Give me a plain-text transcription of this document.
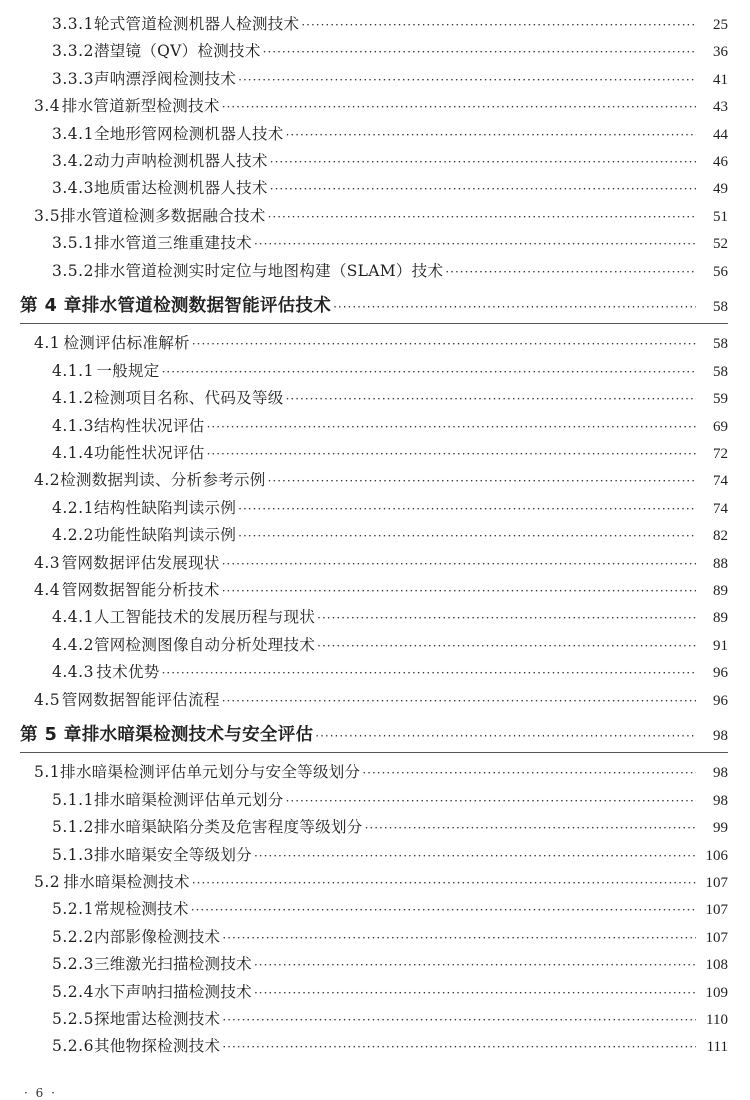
3.3.1 轮式管道检测机器人检测技术 ·····	25
3.3.2 潜望镜（QV）检测技术 ·····	36
3.3.3 声呐漂浮阀检测技术 ·····	41
3.4 排水管道新型检测技术 ·····	43
3.4.1 全地形管网检测机器人技术 ·····	44
3.4.2 动力声呐检测机器人技术 ·····	46
3.4.3 地质雷达检测机器人技术 ·····	49
3.5 排水管道检测多数据融合技术 ·····	51
3.5.1 排水管道三维重建技术 ·····	52
3.5.2 排水管道检测实时定位与地图构建（SLAM）技术 ·····	56
第 4 章 排水管道检测数据智能评估技术 ·····	58
4.1 检测评估标准解析 ·····	58
4.1.1 一般规定 ·····	58
4.1.2 检测项目名称、代码及等级 ·····	59
4.1.3 结构性状况评估 ·····	69
4.1.4 功能性状况评估 ·····	72
4.2 检测数据判读、分析参考示例 ·····	74
4.2.1 结构性缺陷判读示例 ·····	74
4.2.2 功能性缺陷判读示例 ·····	82
4.3 管网数据评估发展现状 ·····	88
4.4 管网数据智能分析技术 ·····	89
4.4.1 人工智能技术的发展历程与现状 ·····	89
4.4.2 管网检测图像自动分析处理技术 ·····	91
4.4.3 技术优势 ·····	96
4.5 管网数据智能评估流程 ·····	96
第 5 章 排水暗渠检测技术与安全评估 ·····	98
5.1 排水暗渠检测评估单元划分与安全等级划分 ·····	98
5.1.1 排水暗渠检测评估单元划分 ·····	98
5.1.2 排水暗渠缺陷分类及危害程度等级划分 ·····	99
5.1.3 排水暗渠安全等级划分 ·····	106
5.2 排水暗渠检测技术 ·····	107
5.2.1 常规检测技术 ·····	107
5.2.2 内部影像检测技术 ·····	107
5.2.3 三维激光扫描检测技术 ·····	108
5.2.4 水下声呐扫描检测技术 ·····	109
5.2.5 探地雷达检测技术 ·····	110
5.2.6 其他物探检测技术 ·····	111
· 6 ·
